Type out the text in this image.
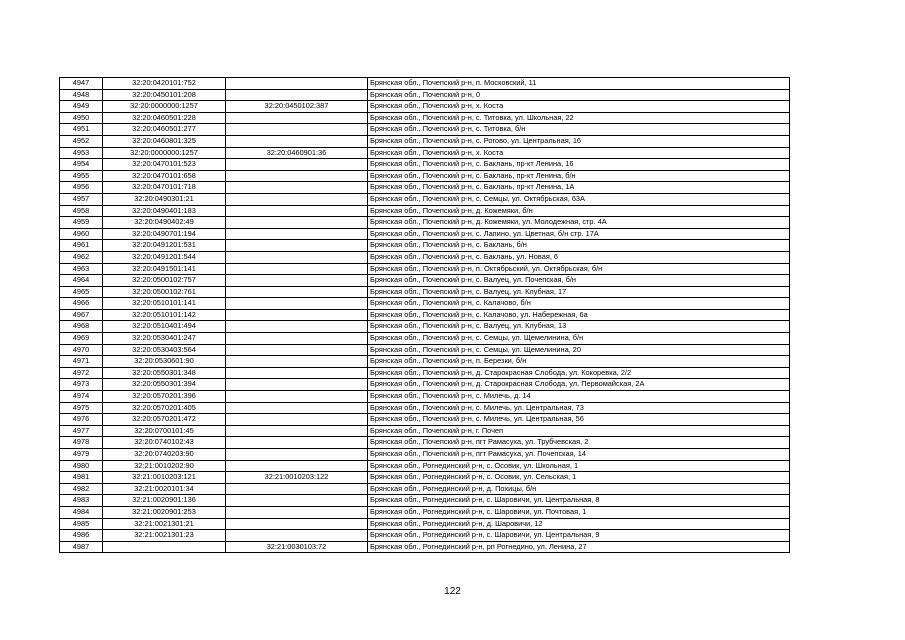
4947	32:20:0420101:752		Брянская обл., Почепский р-н, п. Московский, 11
4948	32:20:0450101:208		Брянская обл., Почепский р-н, 0
4949	32:20:0000000:1257	32:20:0450102:387	Брянская обл., Почепский р-н, х. Коста
4950	32:20:0460501:228		Брянская обл., Почепский р-н, с. Титовка, ул. Школьная, 22
4951	32:20:0460501:277		Брянская обл., Почепский р-н, с. Титовка, б/н
4952	32:20:0460801:325		Брянская обл., Почепский р-н, с. Рогово, ул. Центральная, 16
4953	32:20:0000000:1257	32:20:0460901:36	Брянская обл., Почепский р-н, х. Коста
4954	32:20:0470101:523		Брянская обл., Почепский р-н, с. Баклань, пр-кт Ленина, 16
4955	32:20:0470101:658		Брянская обл., Почепский р-н, с. Баклань, пр-кт Ленина, б/н
4956	32:20:0470101:718		Брянская обл., Почепский р-н, с. Баклань, пр-кт Ленина, 1А
4957	32:20:0490301:21		Брянская обл., Почепский р-н, с. Семцы, ул. Октябрьская, 63А
4958	32:20:0490401:183		Брянская обл., Почепский р-н, д. Кожемяки, б/н
4959	32:20:0490402:49		Брянская обл., Почепский р-н, д. Кожемяки, ул. Молодежная, стр. 4А
4960	32:20:0490701:194		Брянская обл., Почепский р-н, с. Лапино, ул. Цветная, б/н стр. 17А
4961	32:20:0491201:531		Брянская обл., Почепский р-н, с. Баклань, б/н
4962	32:20:0491201:544		Брянская обл., Почепский р-н, с. Баклань, ул. Новая, 6
4963	32:20:0491501:141		Брянская обл., Почепский р-н, п. Октябрьский, ул. Октябрьская, б/н
4964	32:20:0500102:757		Брянская обл., Почепский р-н, с. Валуец, ул. Почепская, б/н
4965	32:20:0500102:761		Брянская обл., Почепский р-н, с. Валуец, ул. Клубная, 17
4966	32:20:0510101:141		Брянская обл., Почепский р-н, с. Калачово, б/н
4967	32:20:0510101:142		Брянская обл., Почепский р-н, с. Калачово, ул. Набережная, 6а
4968	32:20:0510401:494		Брянская обл., Почепский р-н, с. Валуец, ул. Клубная, 13
4969	32:20:0530401:247		Брянская обл., Почепский р-н, с. Семцы, ул. Щемелинина, б/н
4970	32:20:0530403:564		Брянская обл., Почепский р-н, с. Семцы, ул. Щемелинина, 20
4971	32:20:0530601:90		Брянская обл., Почепский р-н, п. Березки, б/н
4972	32:20:0550301:348		Брянская обл., Почепский р-н, д. Старокрасная Слобода, ул. Кокоревка, 2/2
4973	32:20:0550301:394		Брянская обл., Почепский р-н, д. Старокрасная Слобода, ул. Первомайская, 2А
4974	32:20:0570201:396		Брянская обл., Почепский р-н, с. Милечь, д. 14
4975	32:20:0570201:405		Брянская обл., Почепский р-н, с. Милечь, ул. Центральная, 73
4976	32:20:0570201:472		Брянская обл., Почепский р-н, с. Милечь, ул. Центральная, 56
4977	32:20:0700101:45		Брянская обл., Почепский р-н, г. Почеп
4978	32:20:0740102:43		Брянская обл., Почепский р-н, пгт Рамасуха, ул. Трубчевская, 2
4979	32:20:0740203:90		Брянская обл., Почепский р-н, пгт Рамасуха, ул. Почепская, 14
4980	32:21:0010202:90		Брянская обл., Рогнединский р-н, с. Осовик, ул. Школьная, 1
4981	32:21:0010203:121	32:21:0010203:122	Брянская обл., Рогнединский р-н, с. Осовик, ул. Сельская, 1
4982	32:21:0020101:34		Брянская обл., Рогнединский р-н, д. Похицы, б/н
4983	32:21:0020901:136		Брянская обл., Рогнединский р-н, с. Шаровичи, ул. Центральная, 8
4984	32:21:0020901:253		Брянская обл., Рогнединский р-н, с. Шаровичи, ул. Почтовая, 1
4985	32:21:0021301:21		Брянская обл., Рогнединский р-н, д. Шаровичи, 12
4986	32:21:0021301:23		Брянская обл., Рогнединский р-н, с. Шаровичи, ул. Центральная, 9
4987		32:21:0030103:72	Брянская обл., Рогнединский р-н, рп Рогнедино, ул. Ленина, 27
122
